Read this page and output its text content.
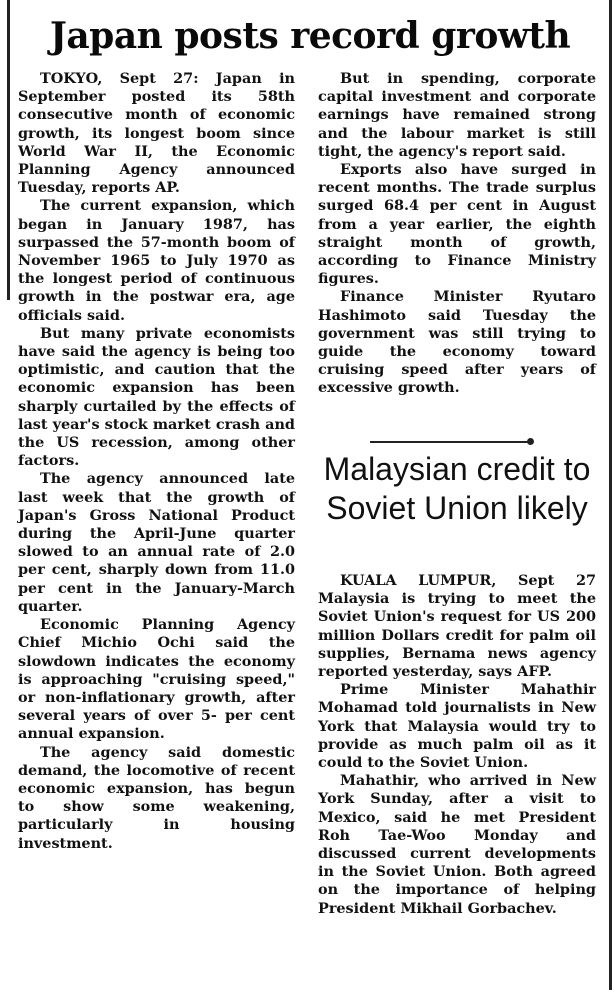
Japan posts record growth

TOKYO, Sept 27: Japan in September posted its 58th consecutive month of economic growth, its longest boom since World War II, the Economic Planning Agency announced Tuesday, reports AP.

The current expansion, which began in January 1987, has surpassed the 57-month boom of November 1965 to July 1970 as the longest period of continuous growth in the postwar era, age officials said.

But many private economists have said the agency is being too optimistic, and caution that the economic expansion has been sharply curtailed by the effects of last year's stock market crash and the US recession, among other factors.

The agency announced late last week that the growth of Japan's Gross National Product during the April-June quarter slowed to an annual rate of 2.0 per cent, sharply down from 11.0 per cent in the January-March quarter.

Economic Planning Agency Chief Michio Ochi said the slowdown indicates the economy is approaching "cruising speed," or non-inflationary growth, after several years of over 5- per cent annual expansion.

The agency said domestic demand, the locomotive of recent economic expansion, has begun to show some weakening, particularly in housing investment.

But in spending, corporate capital investment and corporate earnings have remained strong and the labour market is still tight, the agency's report said.

Exports also have surged in recent months. The trade surplus surged 68.4 per cent in August from a year earlier, the eighth straight month of growth, according to Finance Ministry figures.

Finance Minister Ryutaro Hashimoto said Tuesday the government was still trying to guide the economy toward cruising speed after years of excessive growth.

Malaysian credit to Soviet Union likely

KUALA LUMPUR, Sept 27 Malaysia is trying to meet the Soviet Union's request for US 200 million Dollars credit for palm oil supplies, Bernama news agency reported yesterday, says AFP.

Prime Minister Mahathir Mohamad told journalists in New York that Malaysia would try to provide as much palm oil as it could to the Soviet Union.

Mahathir, who arrived in New York Sunday, after a visit to Mexico, said he met President Roh Tae-Woo Monday and discussed current developments in the Soviet Union. Both agreed on the importance of helping President Mikhail Gorbachev.
